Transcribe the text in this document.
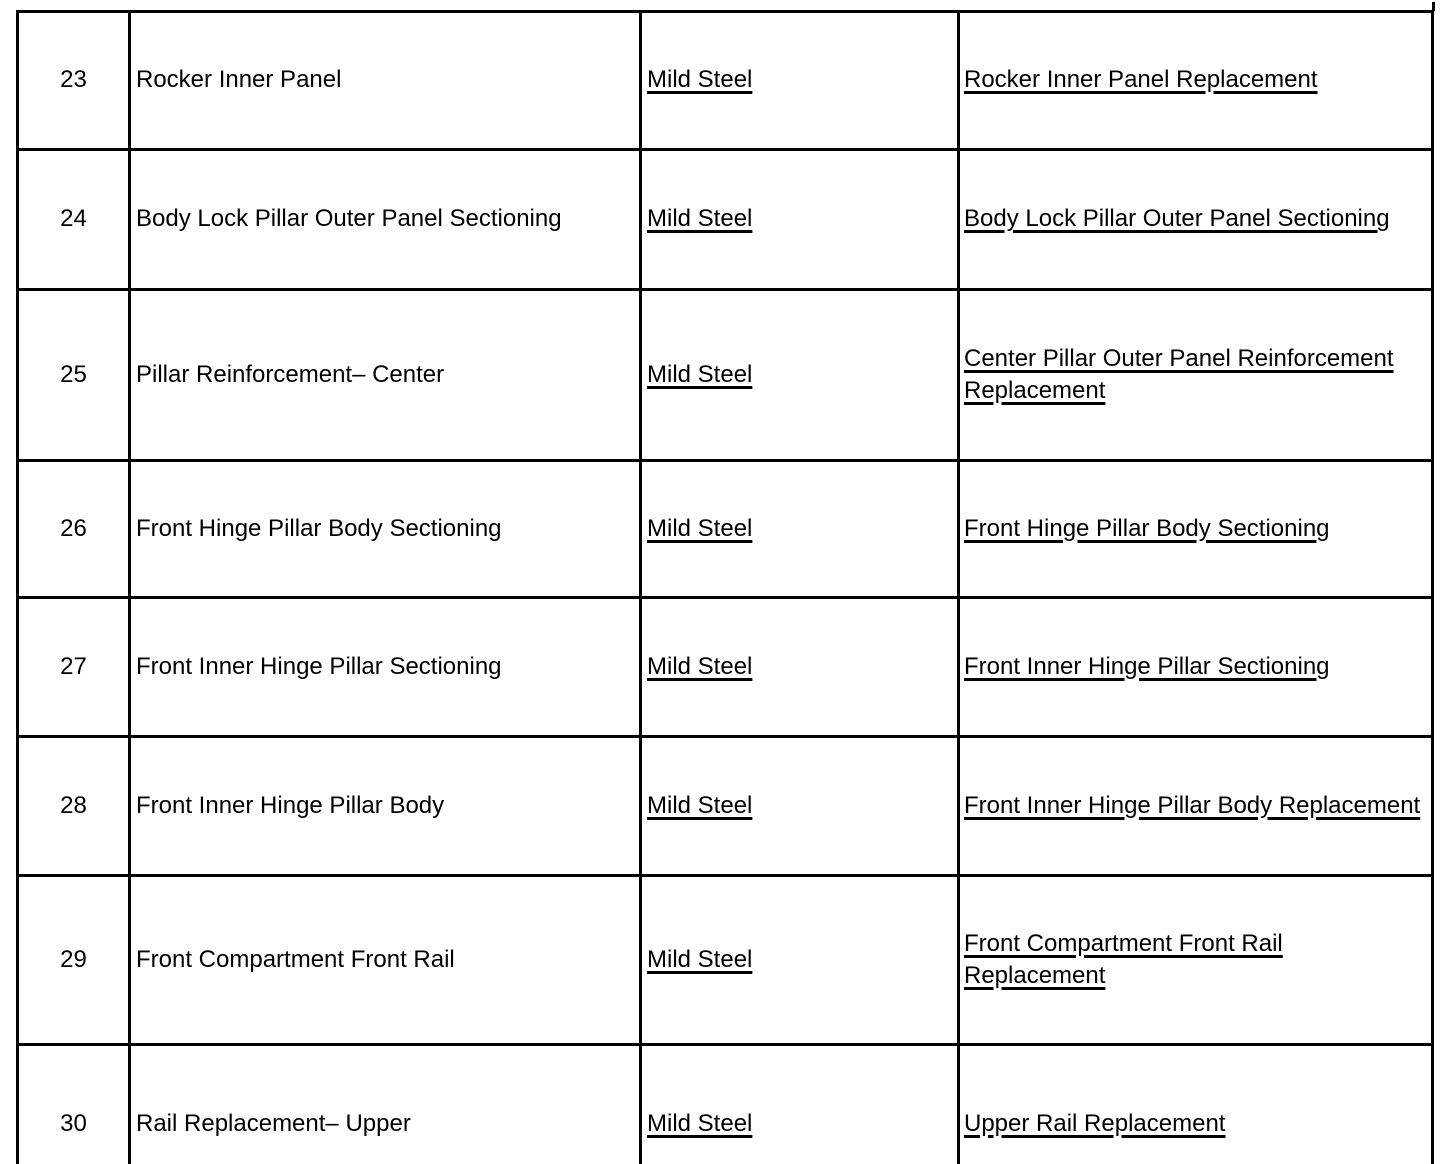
23	Rocker Inner Panel	Mild Steel	Rocker Inner Panel Replacement
24	Body Lock Pillar Outer Panel Sectioning	Mild Steel	Body Lock Pillar Outer Panel Sectioning
25	Pillar Reinforcement– Center	Mild Steel	Center Pillar Outer Panel Reinforcement Replacement
26	Front Hinge Pillar Body Sectioning	Mild Steel	Front Hinge Pillar Body Sectioning
27	Front Inner Hinge Pillar Sectioning	Mild Steel	Front Inner Hinge Pillar Sectioning
28	Front Inner Hinge Pillar Body	Mild Steel	Front Inner Hinge Pillar Body Replacement
29	Front Compartment Front Rail	Mild Steel	Front Compartment Front Rail Replacement
30	Rail Replacement– Upper	Mild Steel	Upper Rail Replacement
